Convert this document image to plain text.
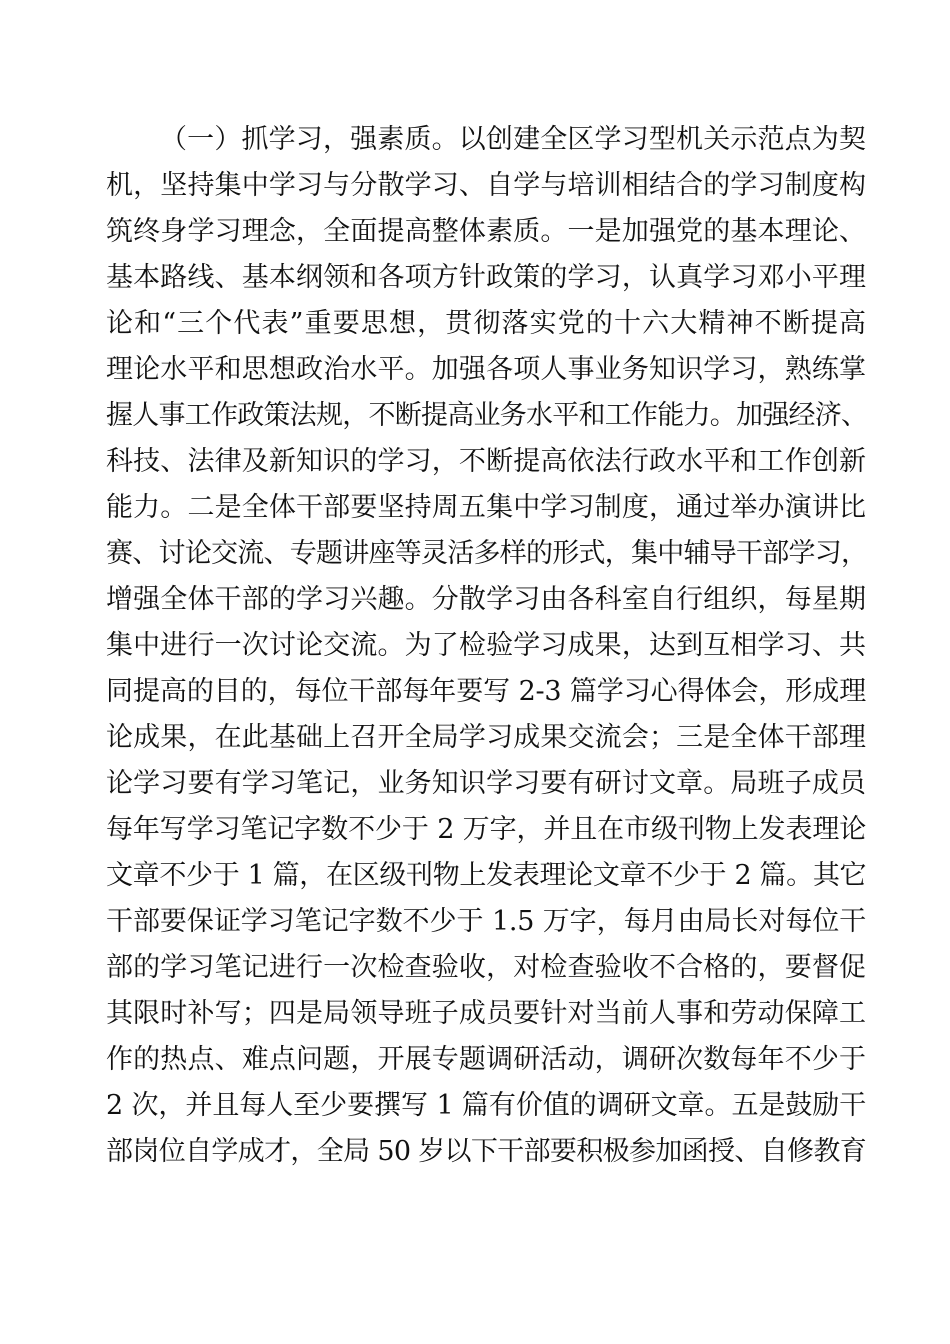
（一）抓学习，强素质。以创建全区学习型机关示范点为契

机，坚持集中学习与分散学习、自学与培训相结合的学习制度构

筑终身学习理念，全面提高整体素质。一是加强党的基本理论、

基本路线、基本纲领和各项方针政策的学习，认真学习邓小平理

论和“三个代表”重要思想，贯彻落实党的十六大精神不断提高

理论水平和思想政治水平。加强各项人事业务知识学习，熟练掌

握人事工作政策法规，不断提高业务水平和工作能力。加强经济、

科技、法律及新知识的学习，不断提高依法行政水平和工作创新

能力。二是全体干部要坚持周五集中学习制度，通过举办演讲比

赛、讨论交流、专题讲座等灵活多样的形式，集中辅导干部学习，

增强全体干部的学习兴趣。分散学习由各科室自行组织，每星期

集中进行一次讨论交流。为了检验学习成果，达到互相学习、共

同提高的目的，每位干部每年要写 2-3 篇学习心得体会，形成理

论成果，在此基础上召开全局学习成果交流会；三是全体干部理

论学习要有学习笔记，业务知识学习要有研讨文章。局班子成员

每年写学习笔记字数不少于 2 万字，并且在市级刊物上发表理论

文章不少于 1 篇，在区级刊物上发表理论文章不少于 2 篇。其它

干部要保证学习笔记字数不少于 1.5 万字，每月由局长对每位干

部的学习笔记进行一次检查验收，对检查验收不合格的，要督促

其限时补写；四是局领导班子成员要针对当前人事和劳动保障工

作的热点、难点问题，开展专题调研活动，调研次数每年不少于

2 次，并且每人至少要撰写 1 篇有价值的调研文章。五是鼓励干

部岗位自学成才，全局 50 岁以下干部要积极参加函授、自修教育
